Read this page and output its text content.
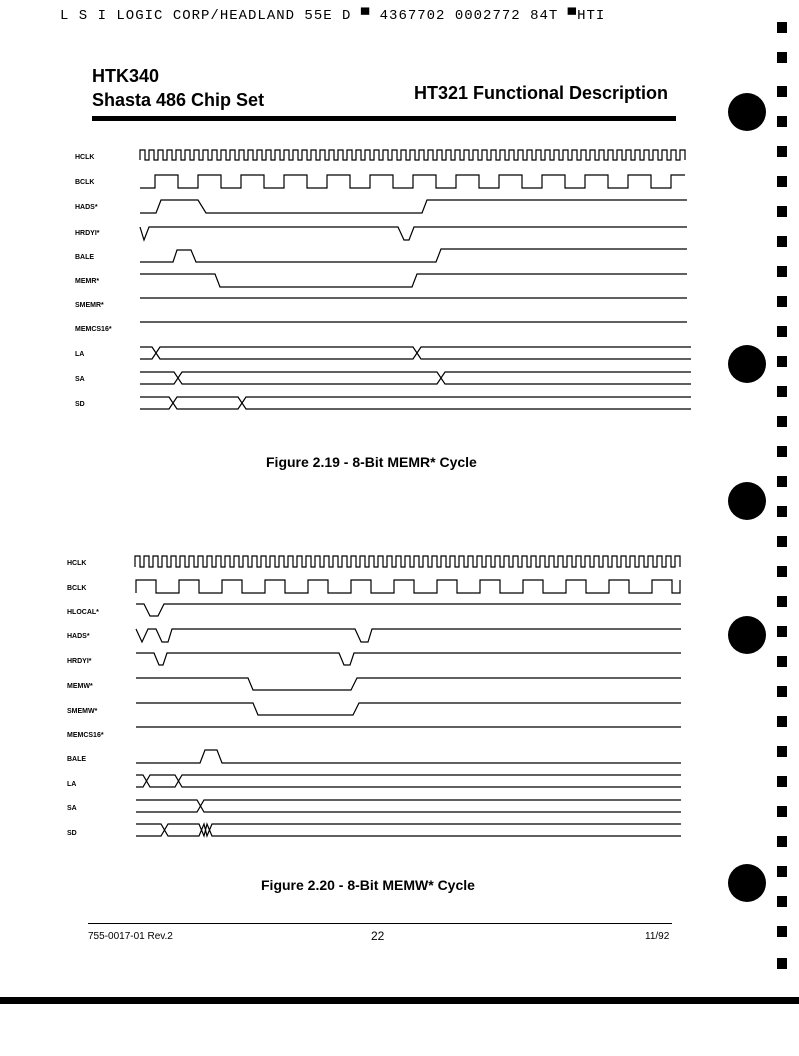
L S I LOGIC CORP/HEADLAND 55E D ▀ 4367702 0002772 84T ▀HTI
HTK340
Shasta 486 Chip Set	HT321 Functional Description
HCLK
BCLK
HADS*
HRDYI*
BALE
MEMR*
SMEMR*
MEMCS16*
LA
SA
SD
Figure 2.19 - 8-Bit MEMR* Cycle
HCLK
BCLK
HLOCAL*
HADS*
HRDYI*
MEMW*
SMEMW*
MEMCS16*
BALE
LA
SA
SD
Figure 2.20 - 8-Bit MEMW* Cycle
755-0017-01 Rev.2	22	11/92
